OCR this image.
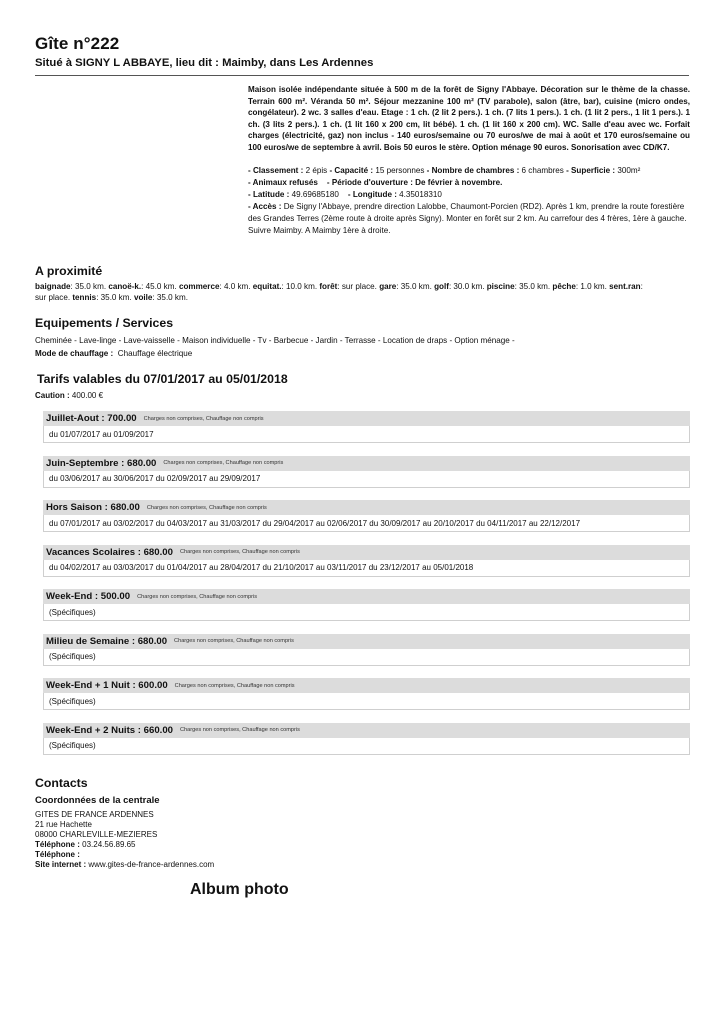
Gîte n°222
Situé à SIGNY L ABBAYE, lieu dit : Maimby, dans Les Ardennes
Maison isolée indépendante située à 500 m de la forêt de Signy l'Abbaye. Décoration sur le thème de la chasse. Terrain 600 m². Véranda 50 m². Séjour mezzanine 100 m² (TV parabole), salon (âtre, bar), cuisine (micro ondes, congélateur). 2 wc. 3 salles d'eau. Etage : 1 ch. (2 lit 2 pers.). 1 ch. (7 lits 1 pers.). 1 ch. (1 lit 2 pers., 1 lit 1 pers.). 1 ch. (3 lits 2 pers.). 1 ch. (1 lit 160 x 200 cm, lit bébé). 1 ch. (1 lit 160 x 200 cm). WC. Salle d'eau avec wc. Forfait charges (électricité, gaz) non inclus - 140 euros/semaine ou 70 euros/we de mai à août et 170 euros/semaine ou 100 euros/we de septembre à avril. Bois 50 euros le stère. Option ménage 90 euros. Sonorisation avec CD/K7.
- Classement : 2 épis - Capacité : 15 personnes - Nombre de chambres : 6 chambres - Superficie : 300m²
- Animaux refusés - Période d'ouverture : De février à novembre.
- Latitude : 49.69685180 - Longitude : 4.35018310
- Accès : De Signy l'Abbaye, prendre direction Lalobbe, Chaumont-Porcien (RD2). Après 1 km, prendre la route forestière des Grandes Terres (2ème route à droite après Signy). Monter en forêt sur 2 km. Au carrefour des 4 frères, 1ère à gauche. Suivre Maimby. A Maimby 1ère à droite.
A proximité
baignade: 35.0 km. canoë-k.: 45.0 km. commerce: 4.0 km. equitat.: 10.0 km. forêt: sur place. gare: 35.0 km. golf: 30.0 km. piscine: 35.0 km. pêche: 1.0 km. sent.ran: sur place. tennis: 35.0 km. voile: 35.0 km.
Equipements / Services
Cheminée - Lave-linge - Lave-vaisselle - Maison individuelle - Tv - Barbecue - Jardin - Terrasse - Location de draps - Option ménage -
Mode de chauffage : Chauffage électrique
Tarifs valables du 07/01/2017 au 05/01/2018
Caution : 400.00 €
Juillet-Aout : 700.00 Charges non comprises, Chauffage non compris
du 01/07/2017 au 01/09/2017
Juin-Septembre : 680.00 Charges non comprises, Chauffage non compris
du 03/06/2017 au 30/06/2017 du 02/09/2017 au 29/09/2017
Hors Saison : 680.00 Charges non comprises, Chauffage non compris
du 07/01/2017 au 03/02/2017 du 04/03/2017 au 31/03/2017 du 29/04/2017 au 02/06/2017 du 30/09/2017 au 20/10/2017 du 04/11/2017 au 22/12/2017
Vacances Scolaires : 680.00 Charges non comprises, Chauffage non compris
du 04/02/2017 au 03/03/2017 du 01/04/2017 au 28/04/2017 du 21/10/2017 au 03/11/2017 du 23/12/2017 au 05/01/2018
Week-End : 500.00 Charges non comprises, Chauffage non compris
(Spécifiques)
Milieu de Semaine : 680.00 Charges non comprises, Chauffage non compris
(Spécifiques)
Week-End + 1 Nuit : 600.00 Charges non comprises, Chauffage non compris
(Spécifiques)
Week-End + 2 Nuits : 660.00 Charges non comprises, Chauffage non compris
(Spécifiques)
Contacts
Coordonnées de la centrale
GITES DE FRANCE ARDENNES
21 rue Hachette
08000 CHARLEVILLE-MEZIERES
Téléphone : 03.24.56.89.65
Téléphone :
Site internet : www.gites-de-france-ardennes.com
Album photo
